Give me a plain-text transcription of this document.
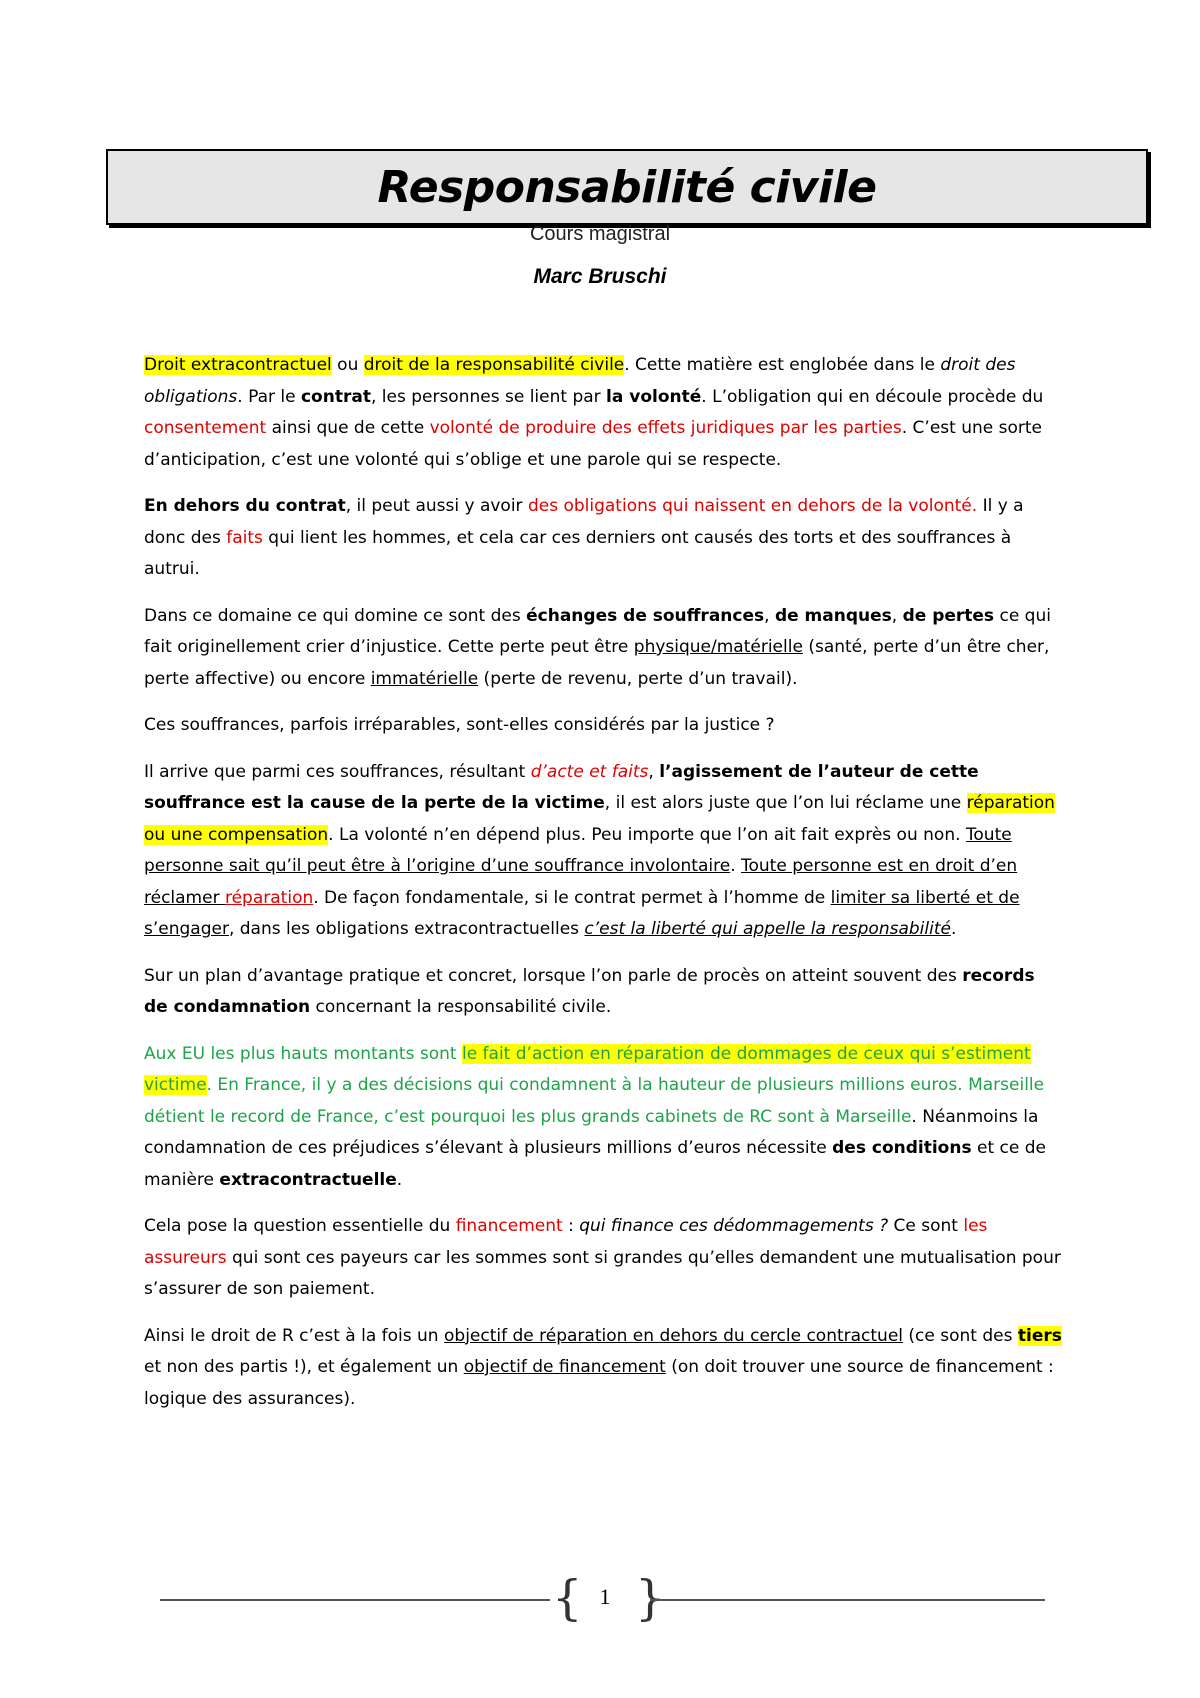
Responsabilité civile
Cours magistral
Marc Bruschi

Droit extracontractuel ou droit de la responsabilité civile. Cette matière est englobée dans le droit des obligations. Par le contrat, les personnes se lient par la volonté. L’obligation qui en découle procède du consentement ainsi que de cette volonté de produire des effets juridiques par les parties. C’est une sorte d’anticipation, c’est une volonté qui s’oblige et une parole qui se respecte.

En dehors du contrat, il peut aussi y avoir des obligations qui naissent en dehors de la volonté. Il y a donc des faits qui lient les hommes, et cela car ces derniers ont causés des torts et des souffrances à autrui.

Dans ce domaine ce qui domine ce sont des échanges de souffrances, de manques, de pertes ce qui fait originellement crier d’injustice. Cette perte peut être physique/matérielle (santé, perte d’un être cher, perte affective) ou encore immatérielle (perte de revenu, perte d’un travail).

Ces souffrances, parfois irréparables, sont-elles considérés par la justice ?

Il arrive que parmi ces souffrances, résultant d’acte et faits, l’agissement de l’auteur de cette souffrance est la cause de la perte de la victime, il est alors juste que l’on lui réclame une réparation ou une compensation. La volonté n’en dépend plus. Peu importe que l’on ait fait exprès ou non. Toute personne sait qu’il peut être à l’origine d’une souffrance involontaire. Toute personne est en droit d’en réclamer réparation. De façon fondamentale, si le contrat permet à l’homme de limiter sa liberté et de s’engager, dans les obligations extracontractuelles c’est la liberté qui appelle la responsabilité.

Sur un plan d’avantage pratique et concret, lorsque l’on parle de procès on atteint souvent des records de condamnation concernant la responsabilité civile.

Aux EU les plus hauts montants sont le fait d’action en réparation de dommages de ceux qui s’estiment victime. En France, il y a des décisions qui condamnent à la hauteur de plusieurs millions euros. Marseille détient le record de France, c’est pourquoi les plus grands cabinets de RC sont à Marseille. Néanmoins la condamnation de ces préjudices s’élevant à plusieurs millions d’euros nécessite des conditions et ce de manière extracontractuelle.

Cela pose la question essentielle du financement : qui finance ces dédommagements ? Ce sont les assureurs qui sont ces payeurs car les sommes sont si grandes qu’elles demandent une mutualisation pour s’assurer de son paiement.

Ainsi le droit de R c’est à la fois un objectif de réparation en dehors du cercle contractuel (ce sont des tiers et non des partis !), et également un objectif de financement (on doit trouver une source de financement : logique des assurances).

{ 1 }
